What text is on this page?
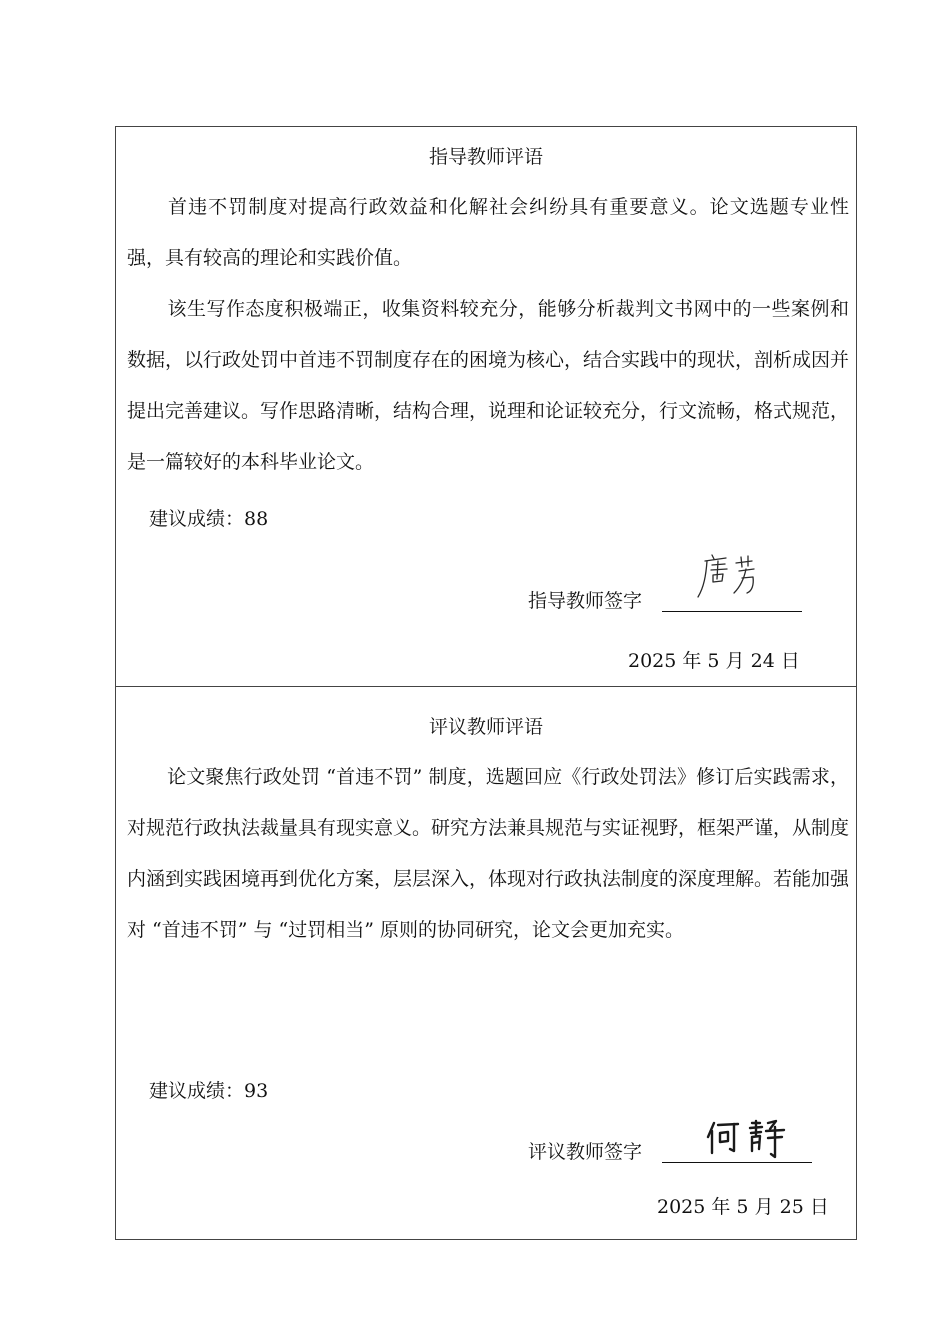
指导教师评语

首违不罚制度对提高行政效益和化解社会纠纷具有重要意义。论文选题专业性强，具有较高的理论和实践价值。

该生写作态度积极端正，收集资料较充分，能够分析裁判文书网中的一些案例和数据，以行政处罚中首违不罚制度存在的困境为核心，结合实践中的现状，剖析成因并提出完善建议。写作思路清晰，结构合理，说理和论证较充分，行文流畅，格式规范，是一篇较好的本科毕业论文。

建议成绩：88
指导教师签字
2025 年 5 月 24 日
评议教师评语

论文聚焦行政处罚 “首违不罚” 制度，选题回应《行政处罚法》修订后实践需求，对规范行政执法裁量具有现实意义。研究方法兼具规范与实证视野，框架严谨，从制度内涵到实践困境再到优化方案，层层深入，体现对行政执法制度的深度理解。若能加强对 “首违不罚” 与 “过罚相当” 原则的协同研究，论文会更加充实。

建议成绩：93
评议教师签字
2025 年 5 月 25 日
